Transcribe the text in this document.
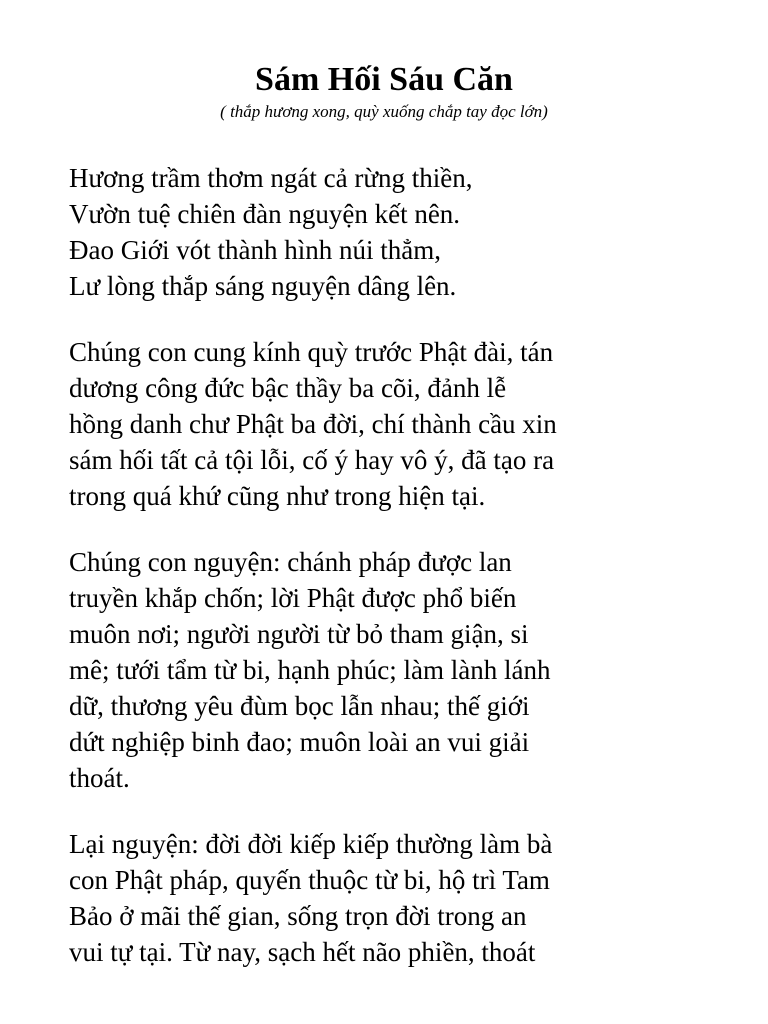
Sám Hối Sáu Căn

( thắp hương xong, quỳ xuống chắp tay đọc lớn)

Hương trầm thơm ngát cả rừng thiền,
Vườn tuệ chiên đàn nguyện kết nên.
Đao Giới vót thành hình núi thẳm,
Lư lòng thắp sáng nguyện dâng lên.
Chúng con cung kính quỳ trước Phật đài, tán
dương công đức bậc thầy ba cõi, đảnh lễ
hồng danh chư Phật ba đời, chí thành cầu xin
sám hối tất cả tội lỗi, cố ý hay vô ý, đã tạo ra
trong quá khứ cũng như trong hiện tại.
Chúng con nguyện: chánh pháp được lan
truyền khắp chốn; lời Phật được phổ biến
muôn nơi; người người từ bỏ tham giận, si
mê; tưới tẩm từ bi, hạnh phúc; làm lành lánh
dữ, thương yêu đùm bọc lẫn nhau; thế giới
dứt nghiệp binh đao; muôn loài an vui giải
thoát.
Lại nguyện: đời đời kiếp kiếp thường làm bà
con Phật pháp, quyến thuộc từ bi, hộ trì Tam
Bảo ở mãi thế gian, sống trọn đời trong an
vui tự tại. Từ nay, sạch hết não phiền, thoát
